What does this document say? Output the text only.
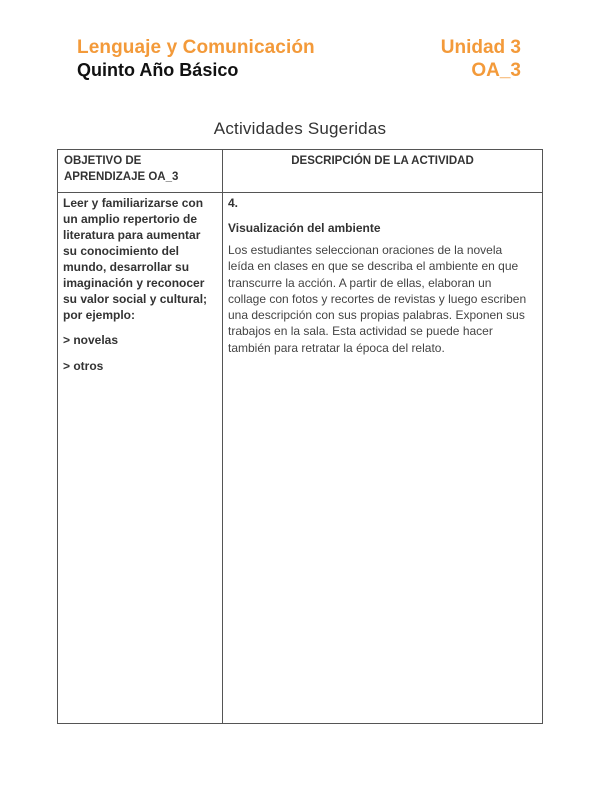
Lenguaje y Comunicación	Unidad 3
Quinto Año Básico	OA_3
Actividades Sugeridas
OBJETIVO DE APRENDIZAJE OA_3
DESCRIPCIÓN DE LA ACTIVIDAD

Leer y familiarizarse con un amplio repertorio de literatura para aumentar su conocimiento del mundo, desarrollar su imaginación y reconocer su valor social y cultural; por ejemplo:

> novelas

> otros

4.

Visualización del ambiente

Los estudiantes seleccionan oraciones de la novela leída en clases en que se describa el ambiente en que transcurre la acción. A partir de ellas, elaboran un collage con fotos y recortes de revistas y luego escriben una descripción con sus propias palabras. Exponen sus trabajos en la sala. Esta actividad se puede hacer también para retratar la época del relato.
